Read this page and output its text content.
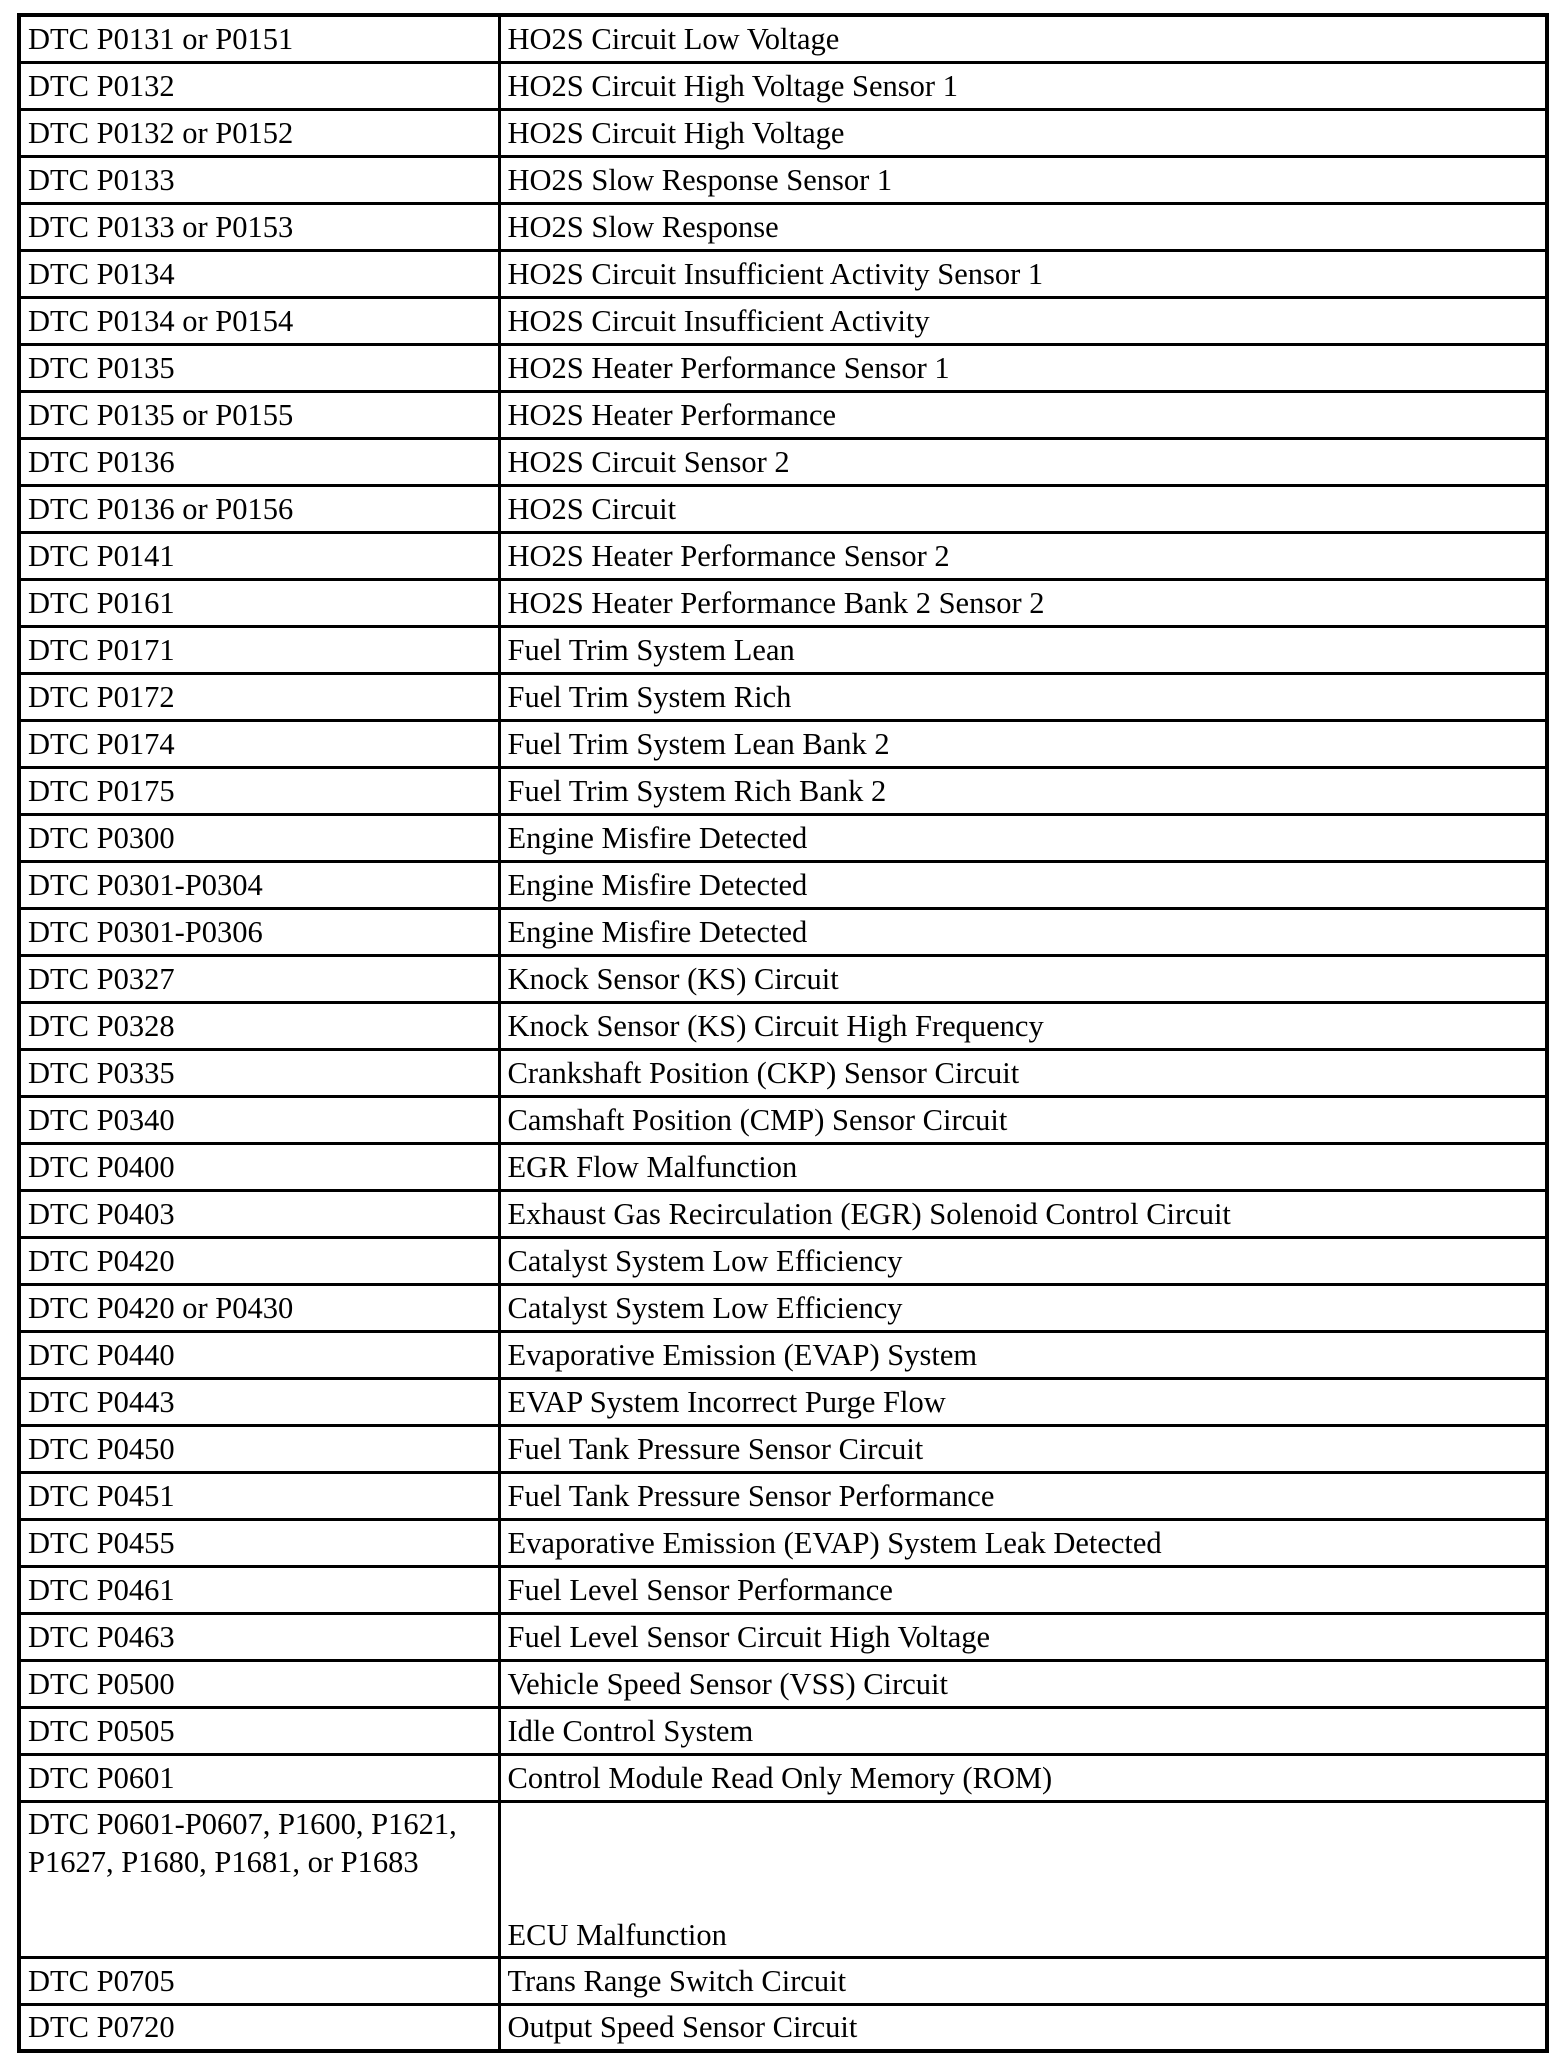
DTC P0131 or P0151	HO2S Circuit Low Voltage
DTC P0132	HO2S Circuit High Voltage Sensor 1
DTC P0132 or P0152	HO2S Circuit High Voltage
DTC P0133	HO2S Slow Response Sensor 1
DTC P0133 or P0153	HO2S Slow Response
DTC P0134	HO2S Circuit Insufficient Activity Sensor 1
DTC P0134 or P0154	HO2S Circuit Insufficient Activity
DTC P0135	HO2S Heater Performance Sensor 1
DTC P0135 or P0155	HO2S Heater Performance
DTC P0136	HO2S Circuit Sensor 2
DTC P0136 or P0156	HO2S Circuit
DTC P0141	HO2S Heater Performance Sensor 2
DTC P0161	HO2S Heater Performance Bank 2 Sensor 2
DTC P0171	Fuel Trim System Lean
DTC P0172	Fuel Trim System Rich
DTC P0174	Fuel Trim System Lean Bank 2
DTC P0175	Fuel Trim System Rich Bank 2
DTC P0300	Engine Misfire Detected
DTC P0301-P0304	Engine Misfire Detected
DTC P0301-P0306	Engine Misfire Detected
DTC P0327	Knock Sensor (KS) Circuit
DTC P0328	Knock Sensor (KS) Circuit High Frequency
DTC P0335	Crankshaft Position (CKP) Sensor Circuit
DTC P0340	Camshaft Position (CMP) Sensor Circuit
DTC P0400	EGR Flow Malfunction
DTC P0403	Exhaust Gas Recirculation (EGR) Solenoid Control Circuit
DTC P0420	Catalyst System Low Efficiency
DTC P0420 or P0430	Catalyst System Low Efficiency
DTC P0440	Evaporative Emission (EVAP) System
DTC P0443	EVAP System Incorrect Purge Flow
DTC P0450	Fuel Tank Pressure Sensor Circuit
DTC P0451	Fuel Tank Pressure Sensor Performance
DTC P0455	Evaporative Emission (EVAP) System Leak Detected
DTC P0461	Fuel Level Sensor Performance
DTC P0463	Fuel Level Sensor Circuit High Voltage
DTC P0500	Vehicle Speed Sensor (VSS) Circuit
DTC P0505	Idle Control System
DTC P0601	Control Module Read Only Memory (ROM)
DTC P0601-P0607, P1600, P1621, P1627, P1680, P1681, or P1683	ECU Malfunction
DTC P0705	Trans Range Switch Circuit
DTC P0720	Output Speed Sensor Circuit
